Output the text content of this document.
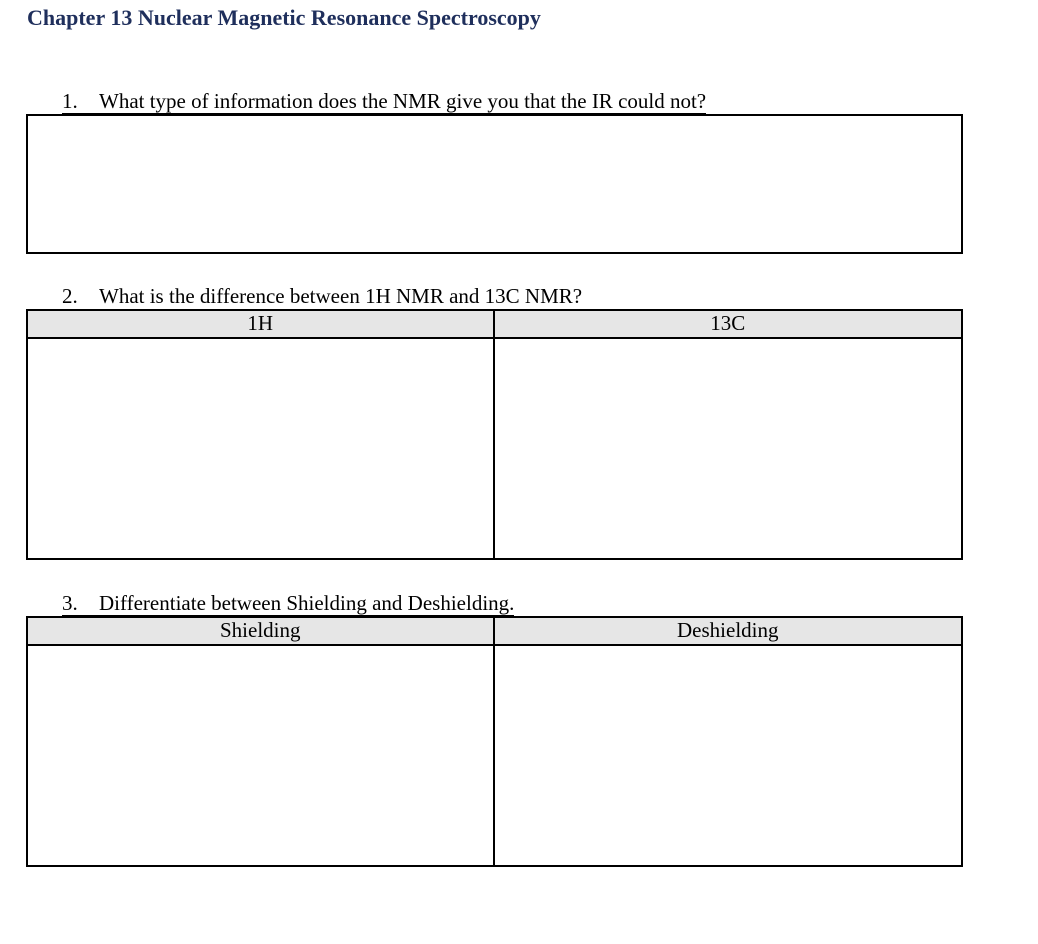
Chapter 13 Nuclear Magnetic Resonance Spectroscopy
1. What type of information does the NMR give you that the IR could not?
2. What is the difference between 1H NMR and 13C NMR?
1H	13C
3. Differentiate between Shielding and Deshielding.
Shielding	Deshielding
